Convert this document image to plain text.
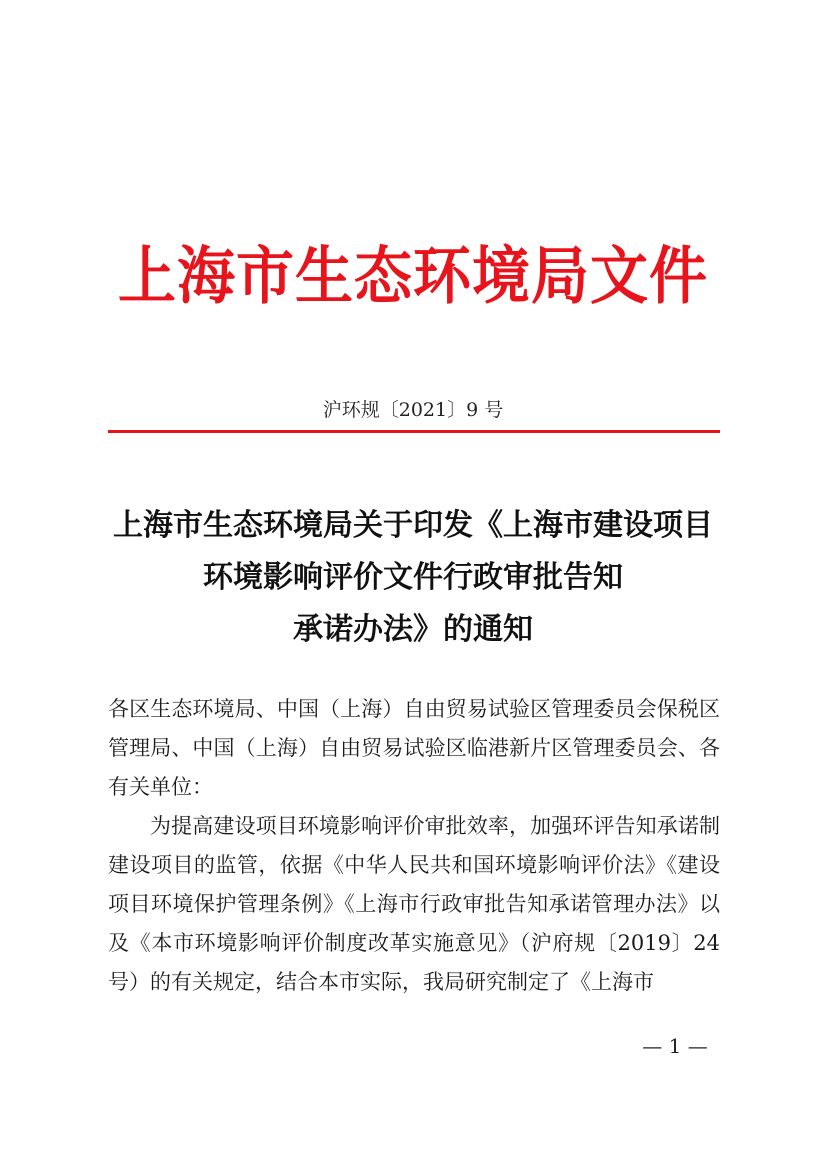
上海市生态环境局文件
沪环规〔2021〕9 号
上海市生态环境局关于印发《上海市建设项目
环境影响评价文件行政审批告知
承诺办法》的通知

各区生态环境局、中国（上海）自由贸易试验区管理委员会保税区管理局、中国（上海）自由贸易试验区临港新片区管理委员会、各有关单位：

为提高建设项目环境影响评价审批效率，加强环评告知承诺制建设项目的监管，依据《中华人民共和国环境影响评价法》《建设项目环境保护管理条例》《上海市行政审批告知承诺管理办法》以及《本市环境影响评价制度改革实施意见》（沪府规〔2019〕24 号）的有关规定，结合本市实际，我局研究制定了《上海市

— 1 —
